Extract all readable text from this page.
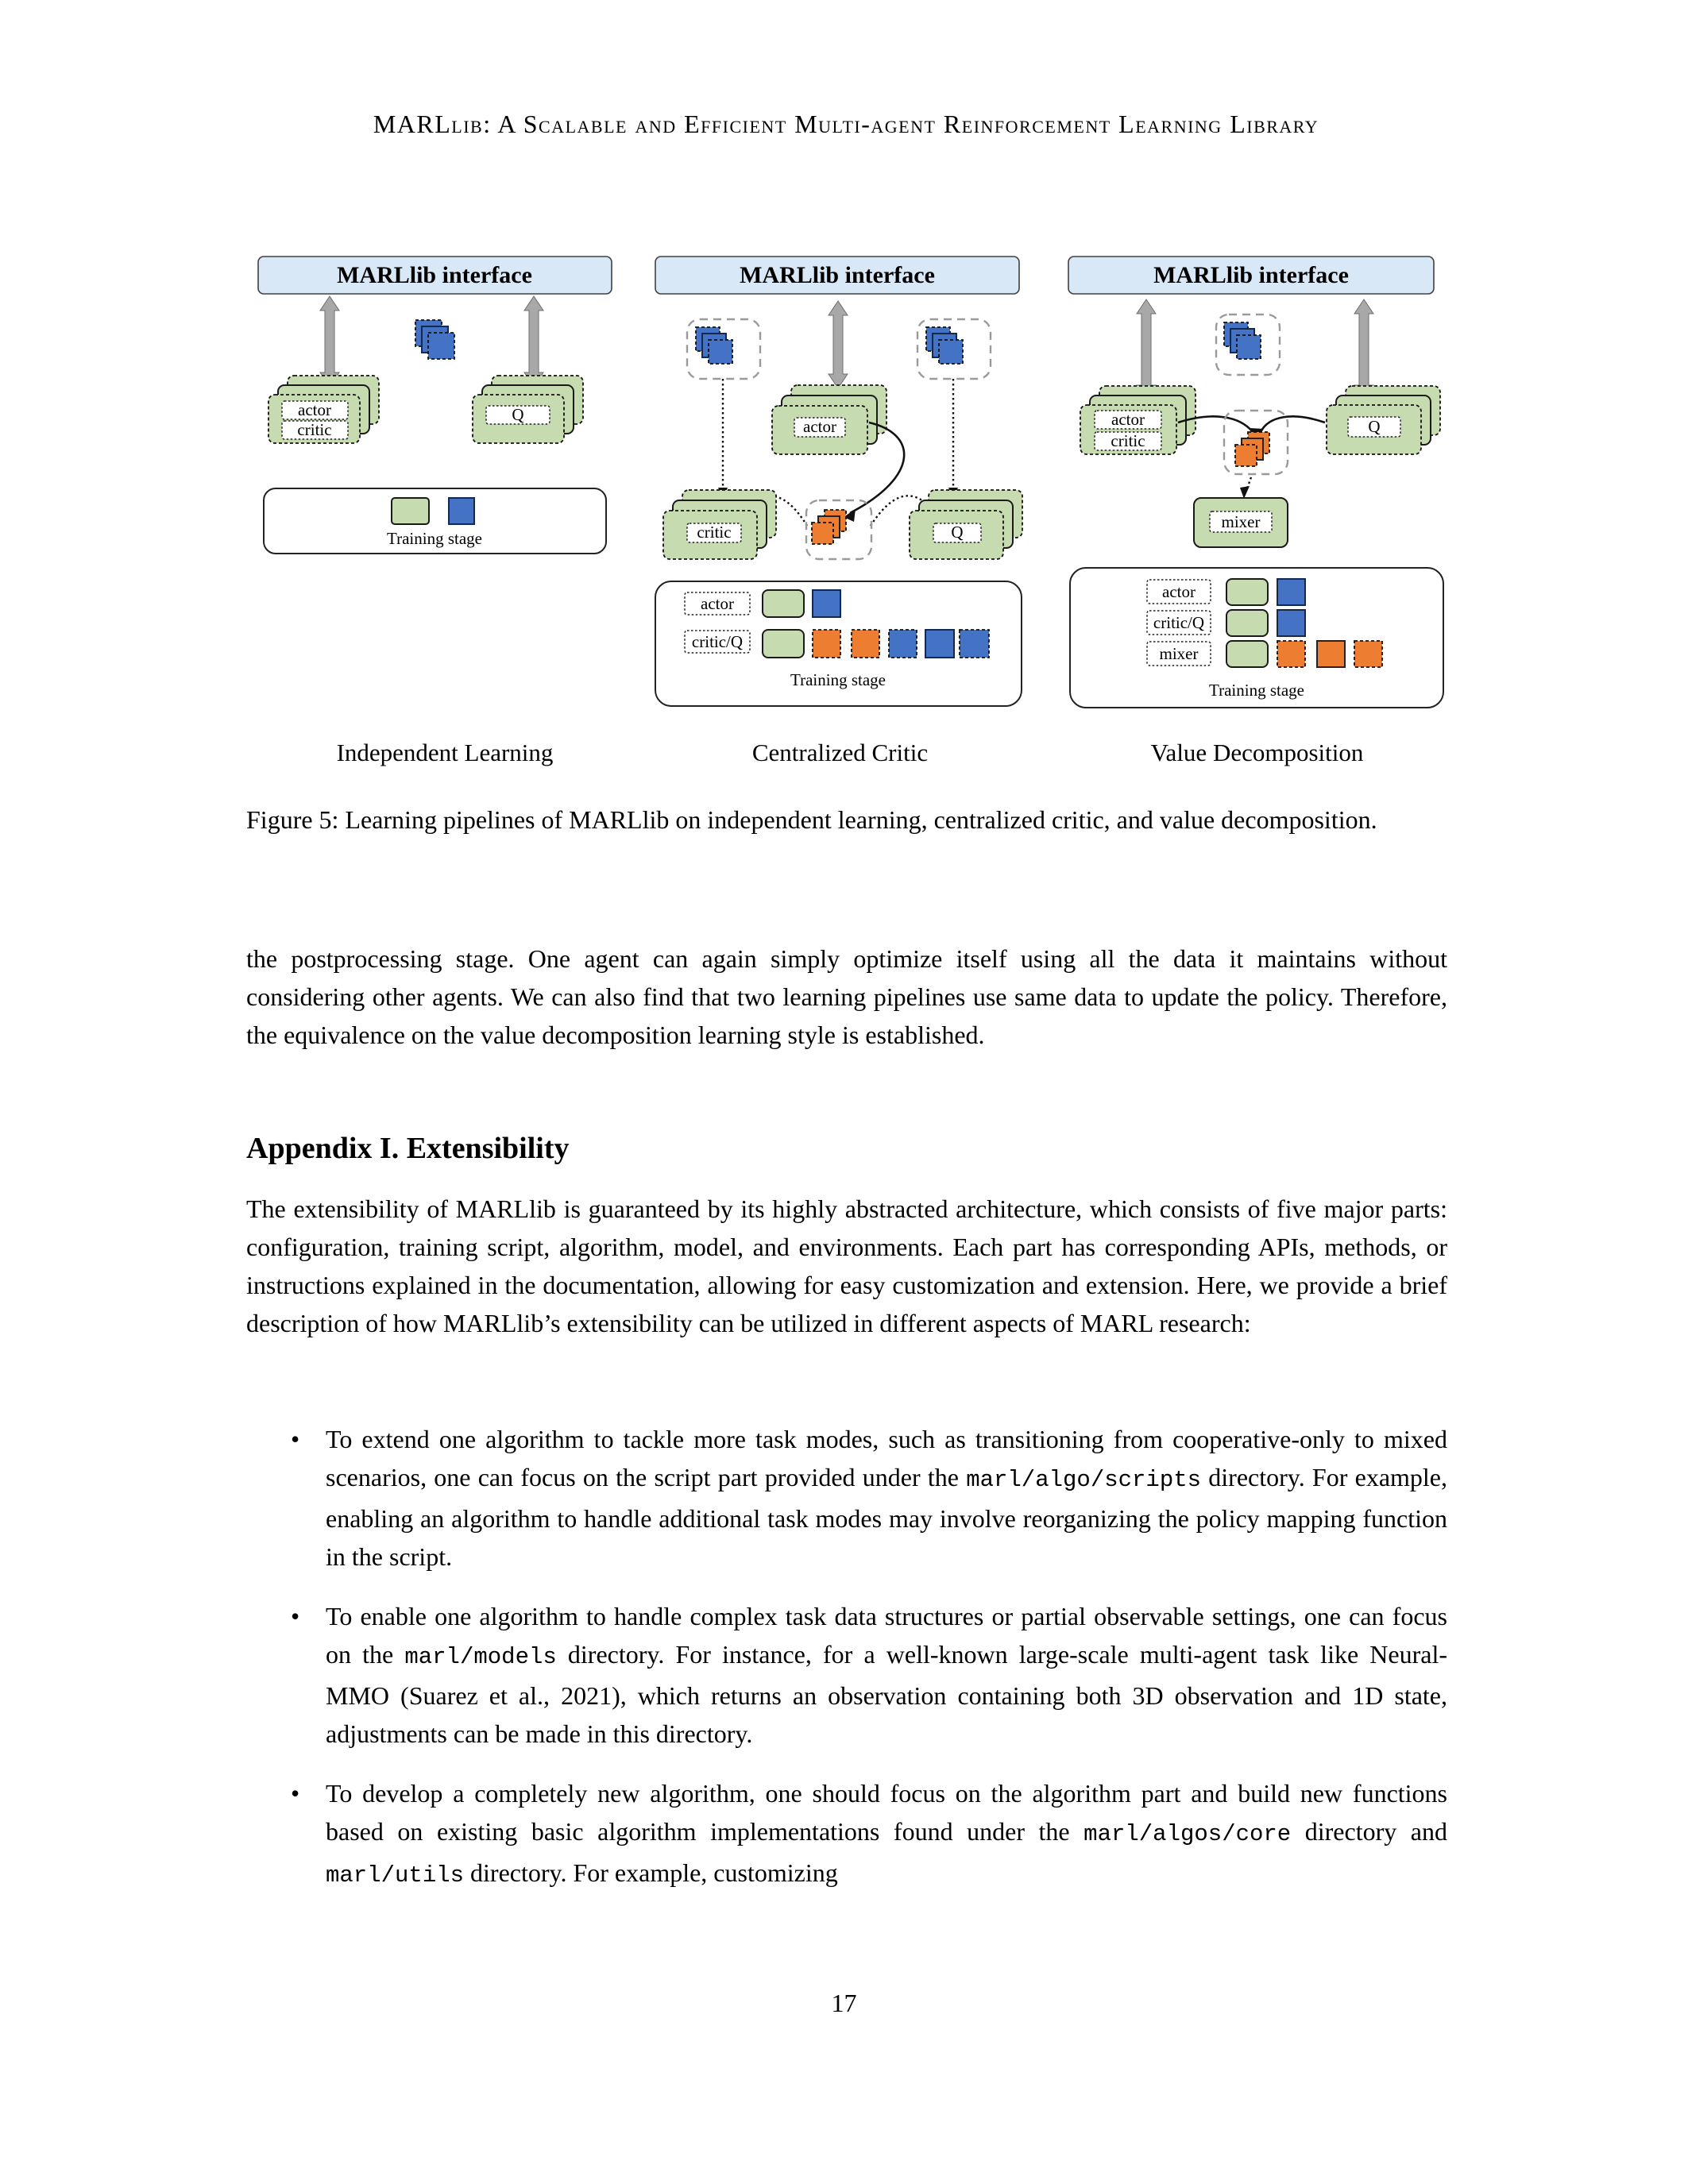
MARLlib: A Scalable and Efficient Multi-agent Reinforcement Learning Library
MARLlib interface
actor
critic
Q
Training stage
MARLlib interface
actor
critic	Q
actor
critic/Q
Training stage
MARLlib interface
actor
critic
Q
mixer
actor
critic/Q
mixer
Training stage
Independent Learning	Centralized Critic	Value Decomposition
Figure 5: Learning pipelines of MARLlib on independent learning, centralized critic, and value decomposition.
the postprocessing stage. One agent can again simply optimize itself using all the data it maintains without considering other agents. We can also find that two learning pipelines use same data to update the policy. Therefore, the equivalence on the value decomposition learning style is established.
Appendix I. Extensibility
The extensibility of MARLlib is guaranteed by its highly abstracted architecture, which consists of five major parts: configuration, training script, algorithm, model, and environments. Each part has corresponding APIs, methods, or instructions explained in the documentation, allowing for easy customization and extension. Here, we provide a brief description of how MARLlib’s extensibility can be utilized in different aspects of MARL research:
• To extend one algorithm to tackle more task modes, such as transitioning from cooperative-only to mixed scenarios, one can focus on the script part provided under the marl/algo/scripts directory. For example, enabling an algorithm to handle additional task modes may involve reorganizing the policy mapping function in the script.
• To enable one algorithm to handle complex task data structures or partial observable settings, one can focus on the marl/models directory. For instance, for a well-known large-scale multi-agent task like Neural-MMO (Suarez et al., 2021), which returns an observation containing both 3D observation and 1D state, adjustments can be made in this directory.
• To develop a completely new algorithm, one should focus on the algorithm part and build new functions based on existing basic algorithm implementations found under the marl/algos/core directory and marl/utils directory. For example, customizing
17
